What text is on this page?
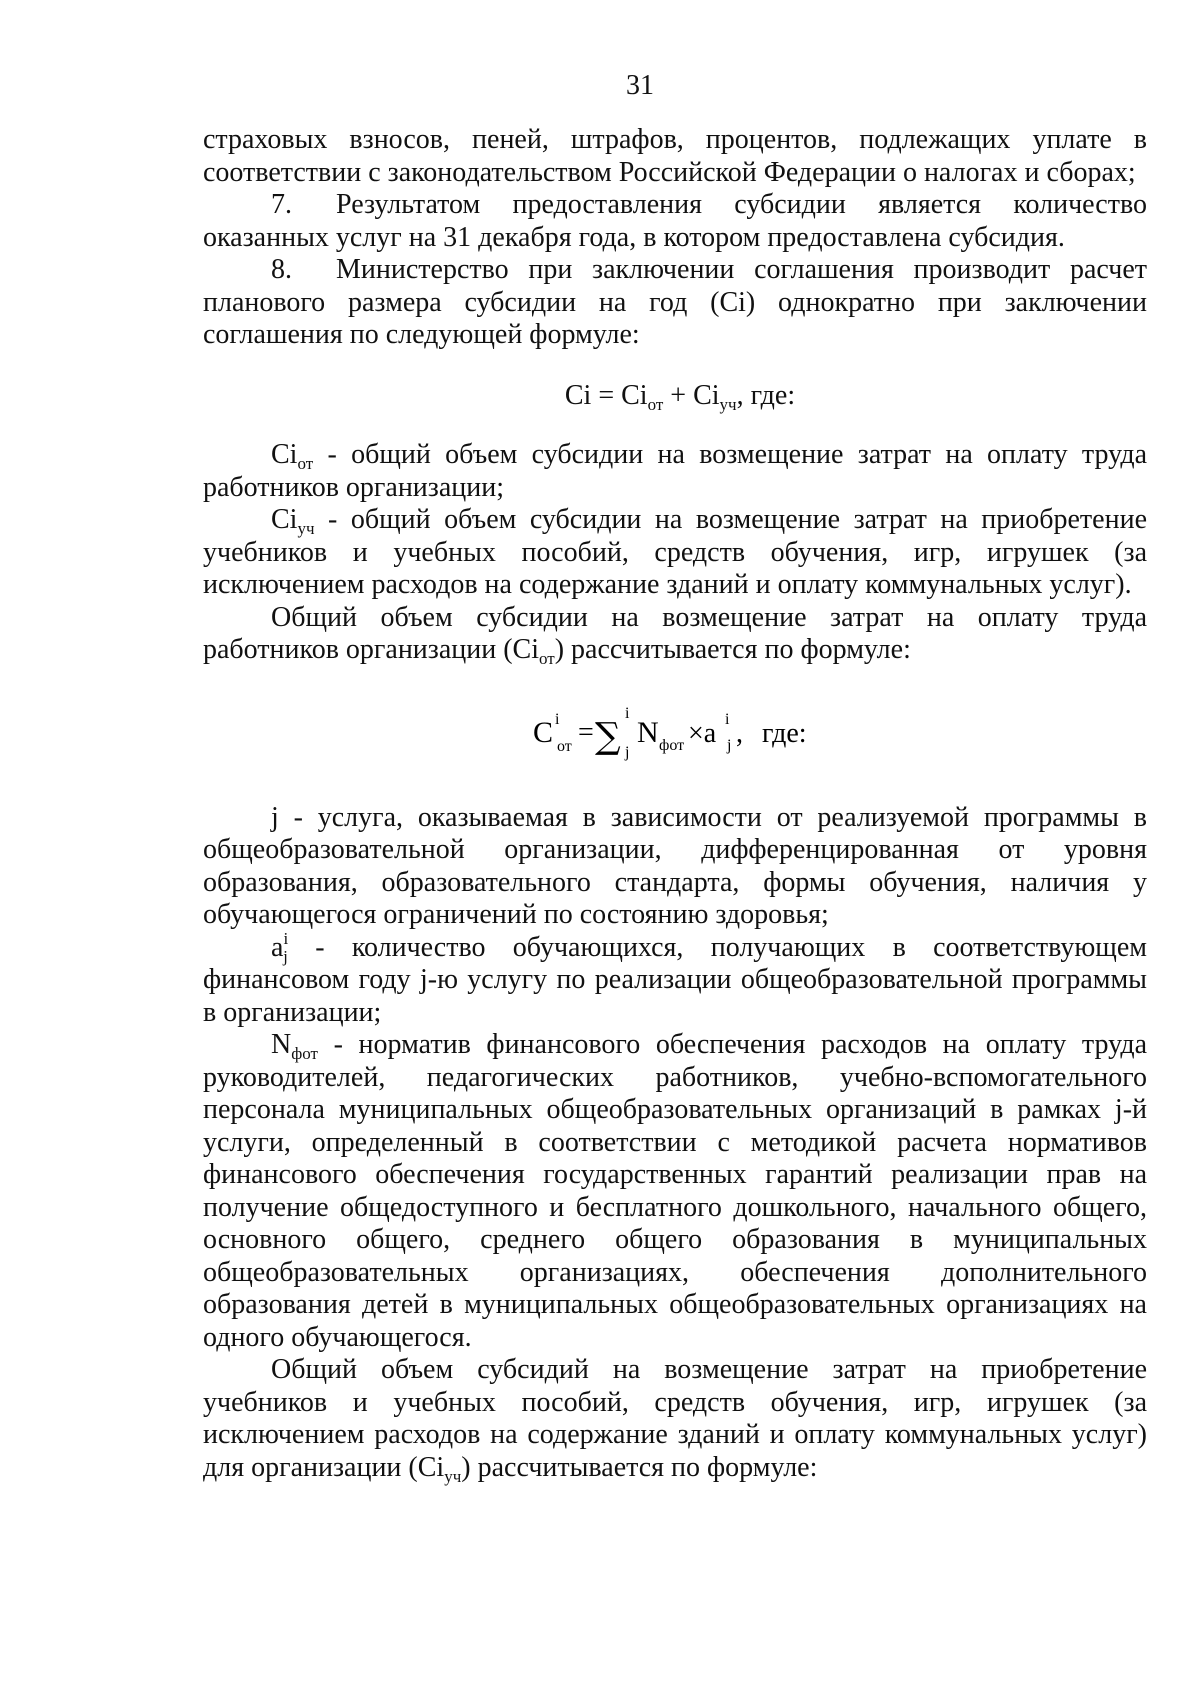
31

страховых взносов, пеней, штрафов, процентов, подлежащих уплате в соответствии с законодательством Российской Федерации о налогах и сборах;

7. Результатом предоставления субсидии является количество оказанных услуг на 31 декабря года, в котором предоставлена субсидия.

8. Министерство при заключении соглашения производит расчет планового размера субсидии на год (Ci) однократно при заключении соглашения по следующей формуле:

$Ci = Ci_{от} + Ci_{уч}$, где:

$Ci_{от}$ - общий объем субсидии на возмещение затрат на оплату труда работников организации;

$Ci_{уч}$ - общий объем субсидии на возмещение затрат на приобретение учебников и учебных пособий, средств обучения, игр, игрушек (за исключением расходов на содержание зданий и оплату коммунальных услуг).

Общий объем субсидии на возмещение затрат на оплату труда работников организации $(Ci_{от})$ рассчитывается по формуле:

C i
от = ∑
i
j
N фот ×a i
j , где:

j - услуга, оказываемая в зависимости от реализуемой программы в общеобразовательной организации, дифференцированная от уровня образования, образовательного стандарта, формы обучения, наличия у обучающегося ограничений по состоянию здоровья;

$a^i_j$ - количество обучающихся, получающих в соответствующем финансовом году j-ю услугу по реализации общеобразовательной программы в организации;

$N_{фот}$ - норматив финансового обеспечения расходов на оплату труда руководителей, педагогических работников, учебно-вспомогательного персонала муниципальных общеобразовательных организаций в рамках j-й услуги, определенный в соответствии с методикой расчета нормативов финансового обеспечения государственных гарантий реализации прав на получение общедоступного и бесплатного дошкольного, начального общего, основного общего, среднего общего образования в муниципальных общеобразовательных организациях, обеспечения дополнительного образования детей в муниципальных общеобразовательных организациях на одного обучающегося.

Общий объем субсидий на возмещение затрат на приобретение учебников и учебных пособий, средств обучения, игр, игрушек (за исключением расходов на содержание зданий и оплату коммунальных услуг) для организации $(Ci_{уч})$ рассчитывается по формуле:
